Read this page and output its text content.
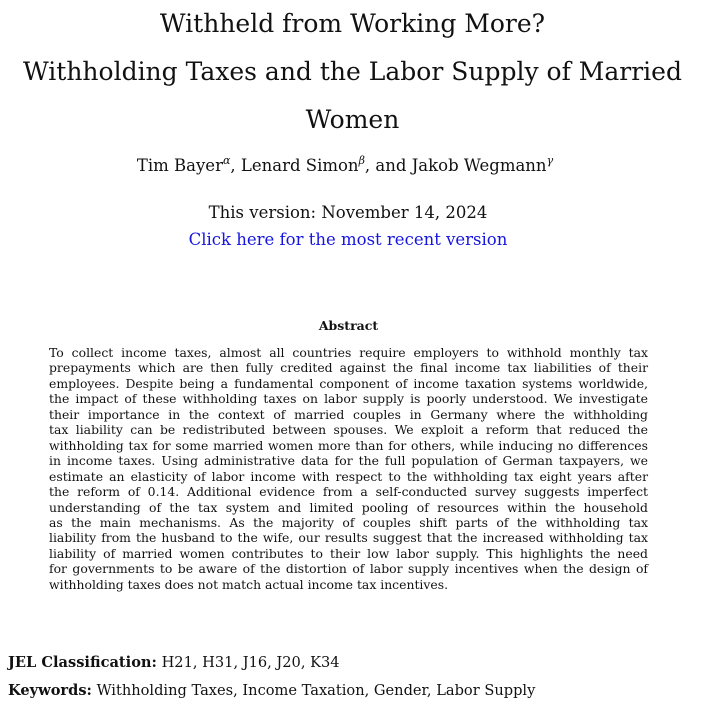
Withheld from Working More?
Withholding Taxes and the Labor Supply of Married
Women
Tim Bayer$^\alpha$, Lenard Simon$^\beta$, and Jakob Wegmann$^\gamma$
This version: November 14, 2024
Click here for the most recent version
Abstract
To collect income taxes, almost all countries require employers to withhold monthly tax
prepayments which are then fully credited against the final income tax liabilities of their
employees. Despite being a fundamental component of income taxation systems worldwide,
the impact of these withholding taxes on labor supply is poorly understood. We investigate
their importance in the context of married couples in Germany where the withholding
tax liability can be redistributed between spouses. We exploit a reform that reduced the
withholding tax for some married women more than for others, while inducing no differences
in income taxes. Using administrative data for the full population of German taxpayers, we
estimate an elasticity of labor income with respect to the withholding tax eight years after
the reform of 0.14. Additional evidence from a self-conducted survey suggests imperfect
understanding of the tax system and limited pooling of resources within the household
as the main mechanisms. As the majority of couples shift parts of the withholding tax
liability from the husband to the wife, our results suggest that the increased withholding tax
liability of married women contributes to their low labor supply. This highlights the need
for governments to be aware of the distortion of labor supply incentives when the design of
withholding taxes does not match actual income tax incentives.
JEL Classification: H21, H31, J16, J20, K34
Keywords: Withholding Taxes, Income Taxation, Gender, Labor Supply
